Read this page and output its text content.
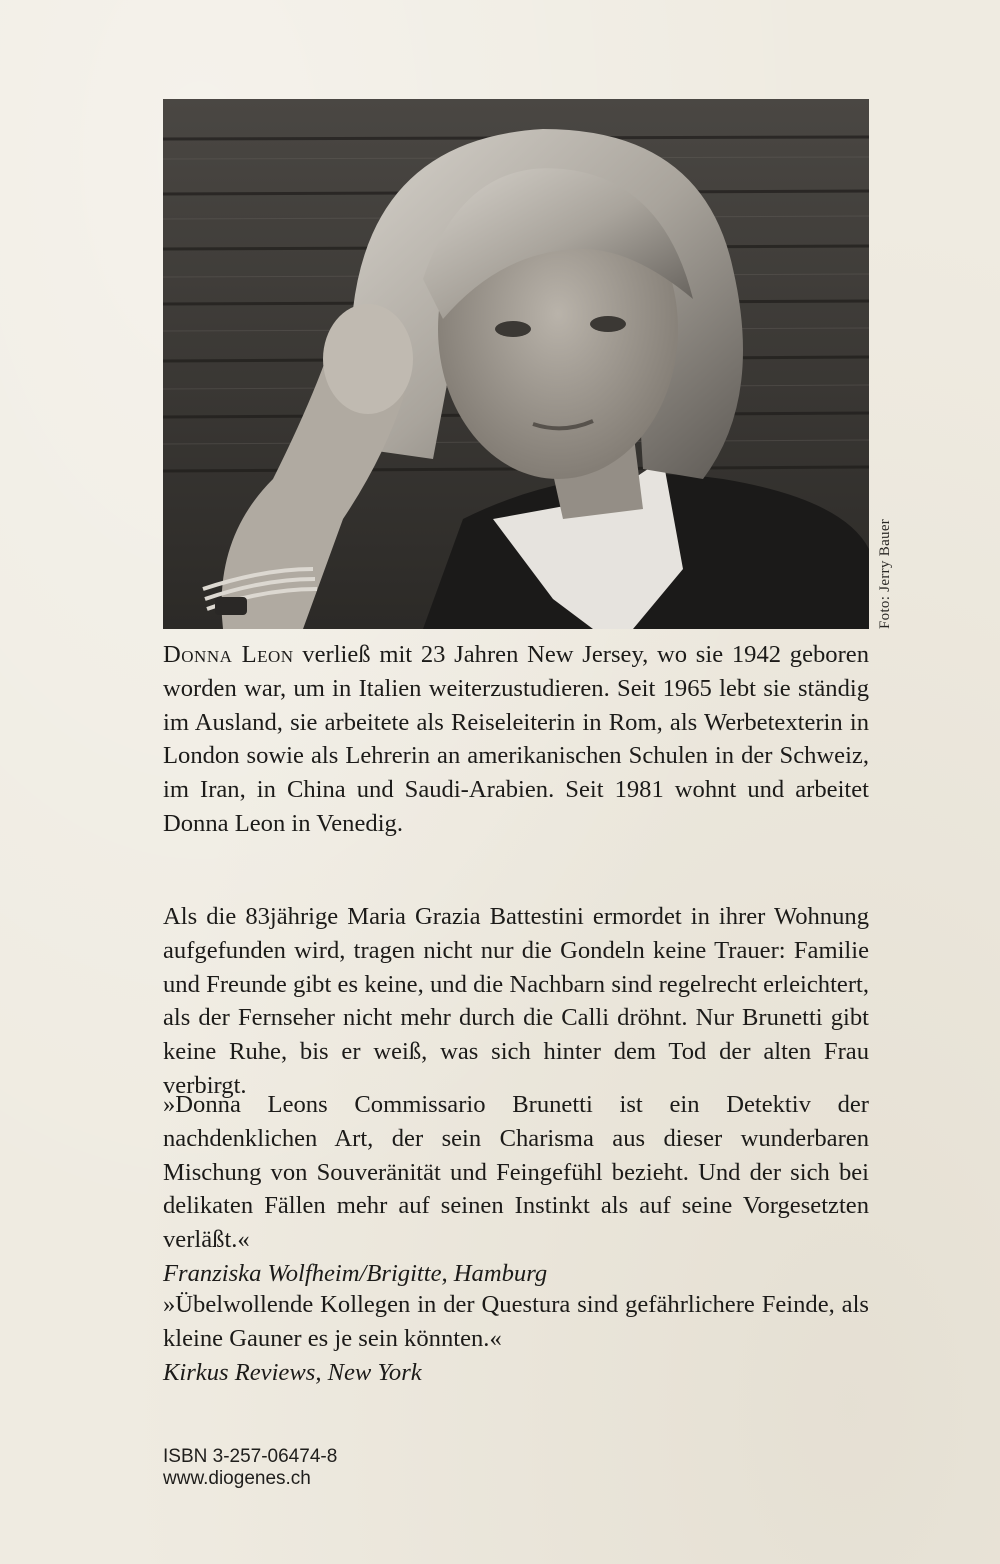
Foto: Jerry Bauer

Donna Leon verließ mit 23 Jahren New Jersey, wo sie 1942 geboren worden war, um in Italien weiterzustudieren. Seit 1965 lebt sie ständig im Ausland, sie arbeitete als Reiseleiterin in Rom, als Werbetexterin in London sowie als Lehrerin an amerikanischen Schulen in der Schweiz, im Iran, in China und Saudi-Arabien. Seit 1981 wohnt und arbeitet Donna Leon in Venedig.

Als die 83jährige Maria Grazia Battestini ermordet in ihrer Wohnung aufgefunden wird, tragen nicht nur die Gondeln keine Trauer: Familie und Freunde gibt es keine, und die Nachbarn sind regelrecht erleichtert, als der Fernseher nicht mehr durch die Calli dröhnt. Nur Brunetti gibt keine Ruhe, bis er weiß, was sich hinter dem Tod der alten Frau verbirgt.

»Donna Leons Commissario Brunetti ist ein Detektiv der nachdenklichen Art, der sein Charisma aus dieser wunderbaren Mischung von Souveränität und Feingefühl bezieht. Und der sich bei delikaten Fällen mehr auf seinen Instinkt als auf seine Vorgesetzten verläßt.«
Franziska Wolfheim/Brigitte, Hamburg
»Übelwollende Kollegen in der Questura sind gefährlichere Feinde, als kleine Gauner es je sein könnten.«
Kirkus Reviews, New York
ISBN 3-257-06474-8
www.diogenes.ch
